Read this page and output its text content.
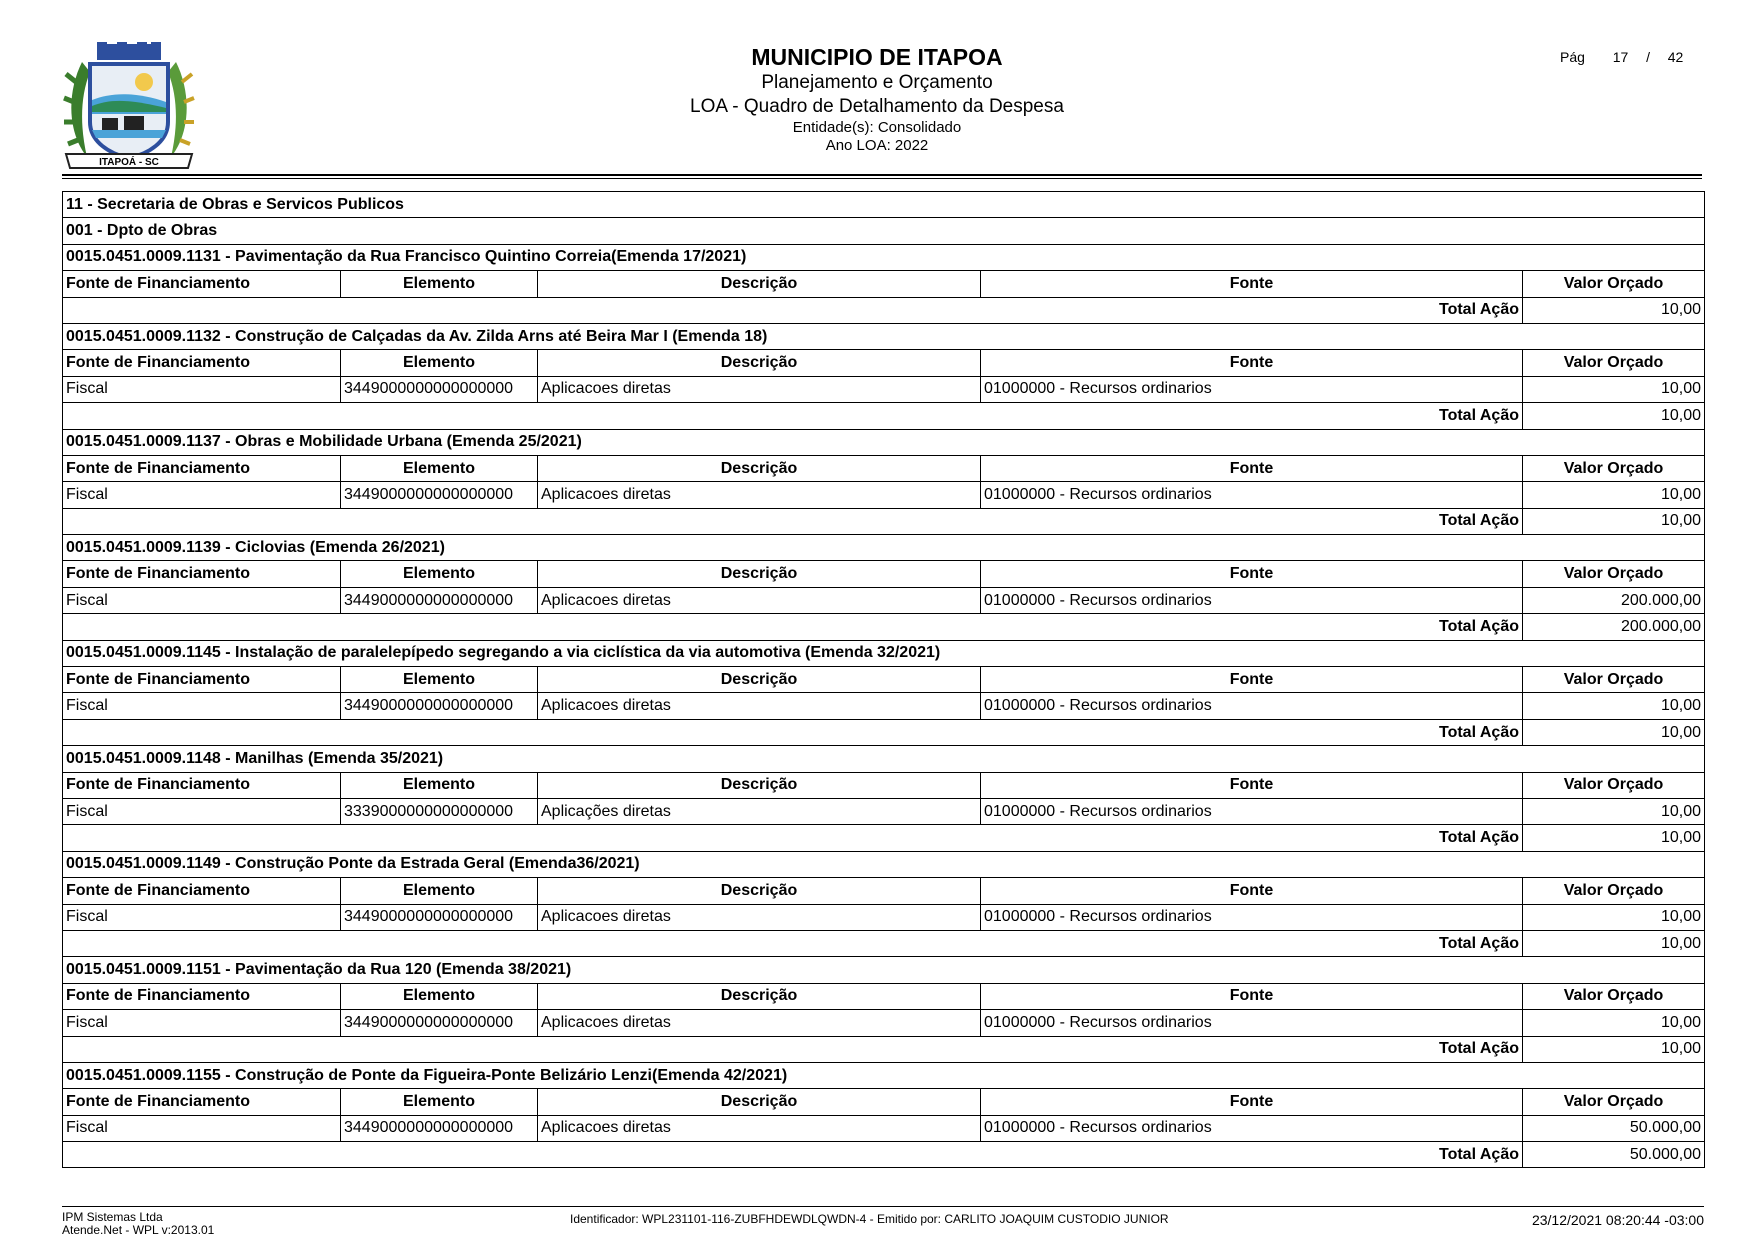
ITAPOÁ - SC
MUNICIPIO DE ITAPOA
Planejamento e Orçamento
LOA - Quadro de Detalhamento da Despesa
Entidade(s): Consolidado
Ano LOA: 2022
Pág 17 / 42
11 - Secretaria de Obras e Servicos Publicos				
001 - Dpto de Obras				
0015.0451.0009.1131 - Pavimentação da Rua Francisco Quintino Correia(Emenda 17/2021)				
Fonte de Financiamento	Elemento	Descrição	Fonte	Valor Orçado
Total Ação				10,00
0015.0451.0009.1132 - Construção de Calçadas da Av. Zilda Arns até Beira Mar I (Emenda 18)				
Fonte de Financiamento	Elemento	Descrição	Fonte	Valor Orçado
Fiscal	3449000000000000000	Aplicacoes diretas	01000000 - Recursos ordinarios	10,00
Total Ação				10,00
0015.0451.0009.1137 - Obras e Mobilidade Urbana (Emenda 25/2021)				
Fonte de Financiamento	Elemento	Descrição	Fonte	Valor Orçado
Fiscal	3449000000000000000	Aplicacoes diretas	01000000 - Recursos ordinarios	10,00
Total Ação				10,00
0015.0451.0009.1139 - Ciclovias (Emenda 26/2021)				
Fonte de Financiamento	Elemento	Descrição	Fonte	Valor Orçado
Fiscal	3449000000000000000	Aplicacoes diretas	01000000 - Recursos ordinarios	200.000,00
Total Ação				200.000,00
0015.0451.0009.1145 - Instalação de paralelepípedo segregando a via ciclística da via automotiva (Emenda 32/2021)				
Fonte de Financiamento	Elemento	Descrição	Fonte	Valor Orçado
Fiscal	3449000000000000000	Aplicacoes diretas	01000000 - Recursos ordinarios	10,00
Total Ação				10,00
0015.0451.0009.1148 - Manilhas (Emenda 35/2021)				
Fonte de Financiamento	Elemento	Descrição	Fonte	Valor Orçado
Fiscal	3339000000000000000	Aplicações diretas	01000000 - Recursos ordinarios	10,00
Total Ação				10,00
0015.0451.0009.1149 - Construção Ponte da Estrada Geral (Emenda36/2021)				
Fonte de Financiamento	Elemento	Descrição	Fonte	Valor Orçado
Fiscal	3449000000000000000	Aplicacoes diretas	01000000 - Recursos ordinarios	10,00
Total Ação				10,00
0015.0451.0009.1151 - Pavimentação da Rua 120 (Emenda 38/2021)				
Fonte de Financiamento	Elemento	Descrição	Fonte	Valor Orçado
Fiscal	3449000000000000000	Aplicacoes diretas	01000000 - Recursos ordinarios	10,00
Total Ação				10,00
0015.0451.0009.1155 - Construção de Ponte da Figueira-Ponte Belizário Lenzi(Emenda 42/2021)				
Fonte de Financiamento	Elemento	Descrição	Fonte	Valor Orçado
Fiscal	3449000000000000000	Aplicacoes diretas	01000000 - Recursos ordinarios	50.000,00
Total Ação				50.000,00
IPM Sistemas Ltda
Atende.Net - WPL v:2013.01
Identificador: WPL231101-116-ZUBFHDEWDLQWDN-4 - Emitido por: CARLITO JOAQUIM CUSTODIO JUNIOR	23/12/2021 08:20:44 -03:00
